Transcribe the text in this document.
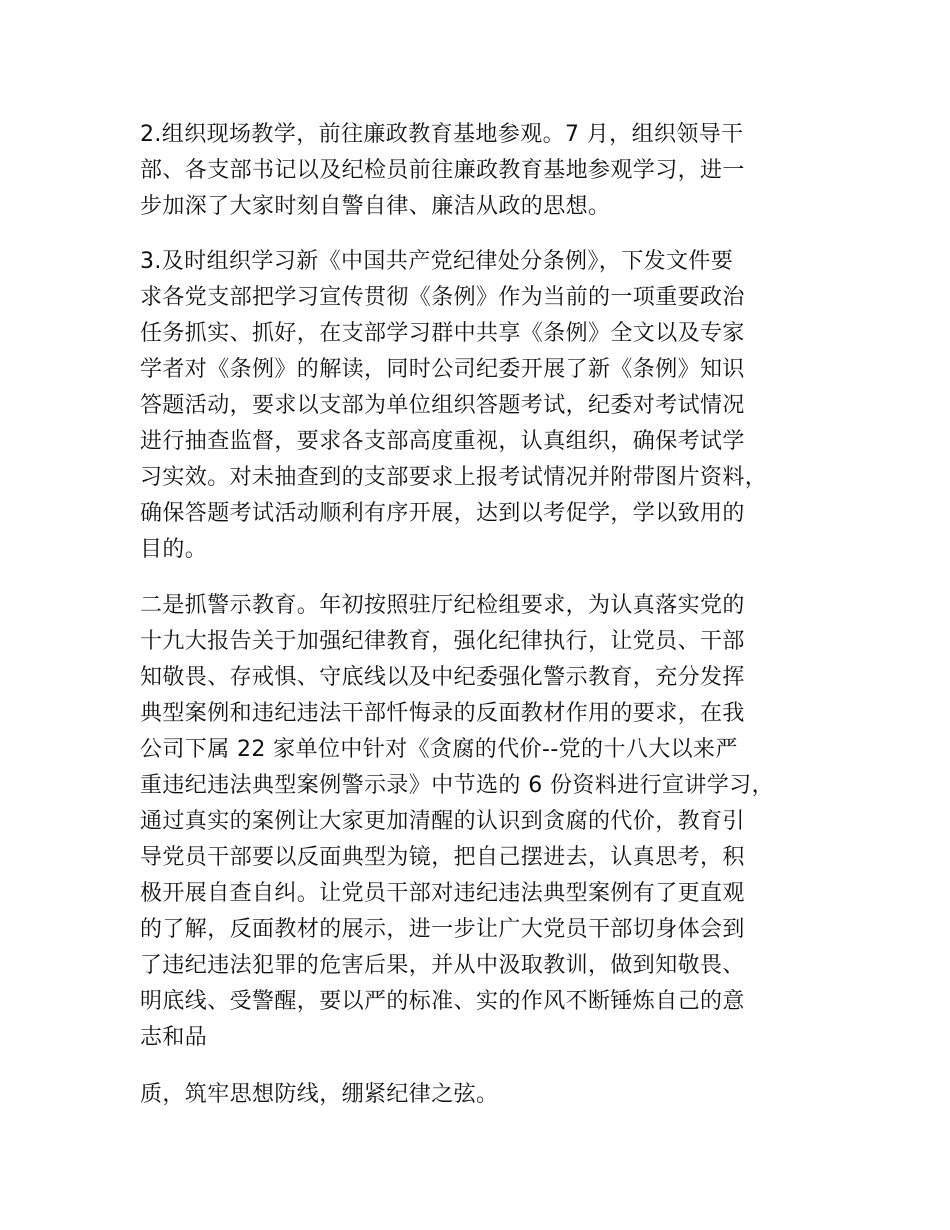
2.组织现场教学，前往廉政教育基地参观。7 月，组织领导干
部、各支部书记以及纪检员前往廉政教育基地参观学习，进一
步加深了大家时刻自警自律、廉洁从政的思想。
3.及时组织学习新《中国共产党纪律处分条例》，下发文件要
求各党支部把学习宣传贯彻《条例》作为当前的一项重要政治
任务抓实、抓好，在支部学习群中共享《条例》全文以及专家
学者对《条例》的解读，同时公司纪委开展了新《条例》知识
答题活动，要求以支部为单位组织答题考试，纪委对考试情况
进行抽查监督，要求各支部高度重视，认真组织，确保考试学
习实效。对未抽查到的支部要求上报考试情况并附带图片资料，
确保答题考试活动顺利有序开展，达到以考促学，学以致用的
目的。
二是抓警示教育。年初按照驻厅纪检组要求，为认真落实党的
十九大报告关于加强纪律教育，强化纪律执行，让党员、干部
知敬畏、存戒惧、守底线以及中纪委强化警示教育，充分发挥
典型案例和违纪违法干部忏悔录的反面教材作用的要求，在我
公司下属 22 家单位中针对《贪腐的代价--党的十八大以来严
重违纪违法典型案例警示录》中节选的 6 份资料进行宣讲学习，
通过真实的案例让大家更加清醒的认识到贪腐的代价，教育引
导党员干部要以反面典型为镜，把自己摆进去，认真思考，积
极开展自查自纠。让党员干部对违纪违法典型案例有了更直观
的了解，反面教材的展示，进一步让广大党员干部切身体会到
了违纪违法犯罪的危害后果，并从中汲取教训，做到知敬畏、
明底线、受警醒，要以严的标准、实的作风不断锤炼自己的意
志和品
质，筑牢思想防线，绷紧纪律之弦。
